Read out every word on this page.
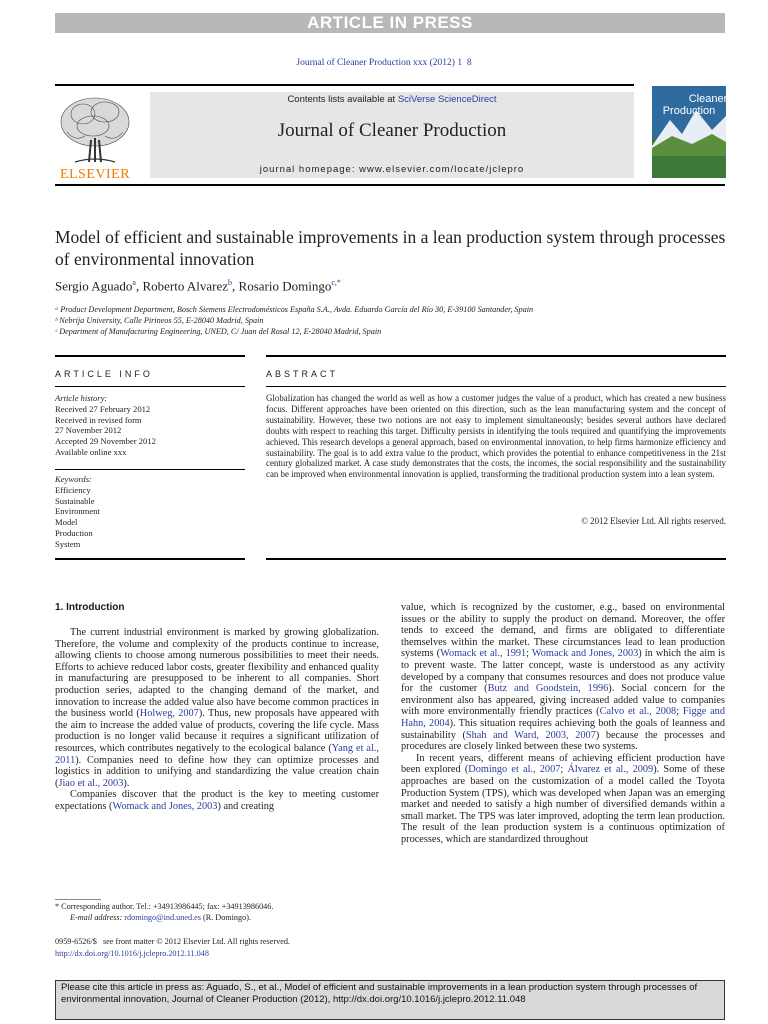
ARTICLE IN PRESS
Journal of Cleaner Production xxx (2012) 1  8
ELSEVIER
Contents lists available at SciVerse ScienceDirect
Journal of Cleaner Production
journal homepage: www.elsevier.com/locate/jclepro
Cleaner
Production
Model of efficient and sustainable improvements in a lean production system through processes of environmental innovation
Sergio Aguado$^a$, Roberto Alvarez$^b$, Rosario Domingo$^{c,*}$
ᵃ Product Development Department, Bosch Siemens Electrodomésticos España S.A., Avda. Eduardo García del Río 30, E-39100 Santander, Spain
ᵇ Nebrija University, Calle Pirineos 55, E-28040 Madrid, Spain
ᶜ Department of Manufacturing Engineering, UNED, C/ Juan del Rosal 12, E-28040 Madrid, Spain
ARTICLE INFO	ABSTRACT
Article history:
Received 27 February 2012
Received in revised form
27 November 2012
Accepted 29 November 2012
Available online xxx
Keywords:
Efficiency
Sustainable
Environment
Model
Production
System
Globalization has changed the world as well as how a customer judges the value of a product, which has created a new business focus. Different approaches have been oriented on this direction, such as the lean manufacturing system and the concept of sustainability. However, these two notions are not easy to implement simultaneously; besides several authors have declared doubts with respect to reaching this target. Difficulty persists in identifying the tools required and quantifying the improvements achieved. This research develops a general approach, based on environmental innovation, to help firms harmonize efficiency and sustainability. The goal is to add extra value to the product, which provides the potential to enhance competitiveness in the 21st century globalized market. A case study demonstrates that the costs, the incomes, the social responsibility and the sustainability can be improved when environmental innovation is applied, transforming the traditional production system into a lean system.
© 2012 Elsevier Ltd. All rights reserved.
1. Introduction

The current industrial environment is marked by growing globalization. Therefore, the volume and complexity of the products continue to increase, allowing clients to choose among numerous possibilities to meet their needs. Efforts to achieve reduced labor costs, greater flexibility and enhanced quality in manufacturing are presupposed to be inherent to all companies. Short production series, adapted to the changing demand of the market, and innovation to increase the added value also have become common practices in the business world (Holweg, 2007). Thus, new proposals have appeared with the aim to increase the added value of products, covering the life cycle. Mass production is no longer valid because it requires a significant utilization of resources, which contributes negatively to the ecological balance (Yang et al., 2011). Companies need to define how they can optimize processes and logistics in addition to unifying and standardizing the value creation chain (Jiao et al., 2003).

Companies discover that the product is the key to meeting customer expectations (Womack and Jones, 2003) and creating

value, which is recognized by the customer, e.g., based on environmental issues or the ability to supply the product on demand. Moreover, the offer tends to exceed the demand, and firms are obligated to differentiate themselves within the market. These circumstances lead to lean production systems (Womack et al., 1991; Womack and Jones, 2003) in which the aim is to prevent waste. The latter concept, waste is understood as any activity developed by a company that consumes resources and does not produce value for the customer (Butz and Goodstein, 1996). Social concern for the environment also has appeared, giving increased added value to companies with more environmentally friendly practices (Calvo et al., 2008; Figge and Hahn, 2004). This situation requires achieving both the goals of leanness and sustainability (Shah and Ward, 2003, 2007) because the processes and procedures are closely linked between these two systems.

In recent years, different means of achieving efficient production have been explored (Domingo et al., 2007; Álvarez et al., 2009). Some of these approaches are based on the customization of a model called the Toyota Production System (TPS), which was developed when Japan was an emerging market and needed to satisfy a high number of diversified demands within a small market. The TPS was later improved, adopting the term lean production. The result of the lean production system is a continuous optimization of processes, which are standardized throughout

* Corresponding author. Tel.: +34913986445; fax: +34913986046.
E-mail address: rdomingo@ind.uned.es (R. Domingo).
0959-6526/$   see front matter © 2012 Elsevier Ltd. All rights reserved.
http://dx.doi.org/10.1016/j.jclepro.2012.11.048
Please cite this article in press as: Aguado, S., et al., Model of efficient and sustainable improvements in a lean production system through processes of environmental innovation, Journal of Cleaner Production (2012), http://dx.doi.org/10.1016/j.jclepro.2012.11.048
